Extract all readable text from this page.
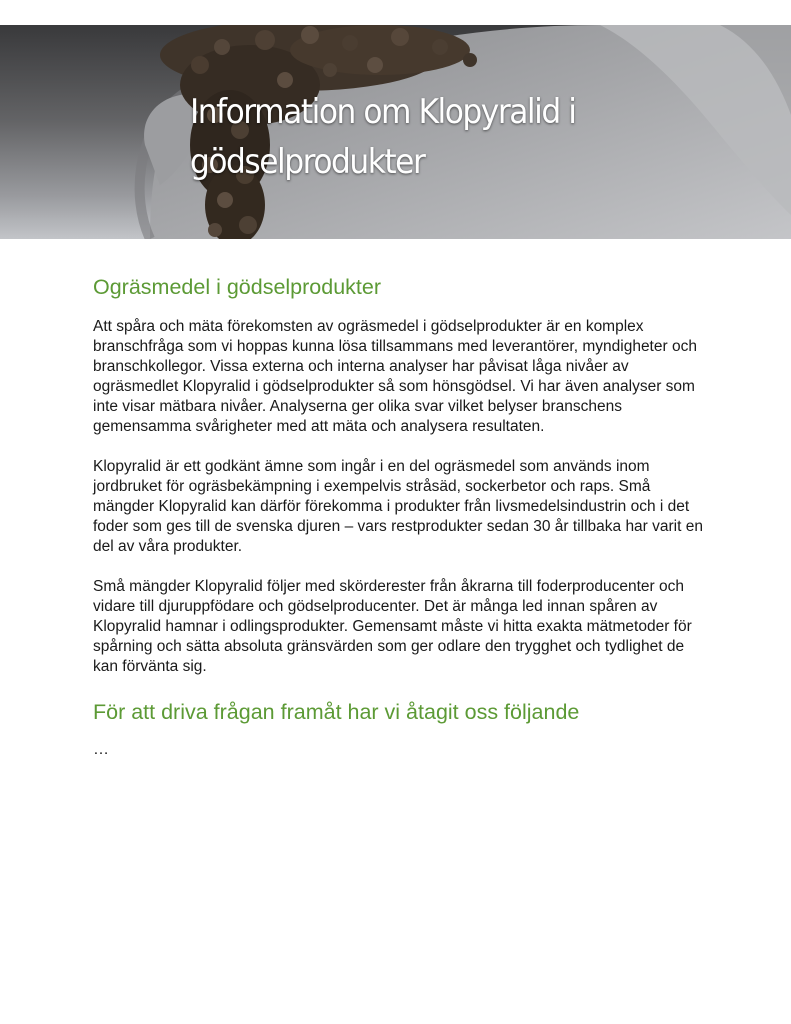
Information om Klopyralid i
gödselprodukter
Ogräsmedel i gödselprodukter

Att spåra och mäta förekomsten av ogräsmedel i gödselprodukter är en komplex branschfråga som vi hoppas kunna lösa tillsammans med leverantörer, myndigheter och branschkollegor. Vissa externa och interna analyser har påvisat låga nivåer av ogräsmedlet Klopyralid i gödselprodukter så som hönsgödsel. Vi har även analyser som inte visar mätbara nivåer. Analyserna ger olika svar vilket belyser branschens gemensamma svårigheter med att mäta och analysera resultaten.

Klopyralid är ett godkänt ämne som ingår i en del ogräsmedel som används inom jordbruket för ogräsbekämpning i exempelvis stråsäd, sockerbetor och raps. Små mängder Klopyralid kan därför förekomma i produkter från livsmedelsindustrin och i det foder som ges till de svenska djuren – vars restprodukter sedan 30 år tillbaka har varit en del av våra produkter.

Små mängder Klopyralid följer med skörderester från åkrarna till foderproducenter och vidare till djuruppfödare och gödselproducenter. Det är många led innan spåren av Klopyralid hamnar i odlingsprodukter. Gemensamt måste vi hitta exakta mätmetoder för spårning och sätta absoluta gränsvärden som ger odlare den trygghet och tydlighet de kan förvänta sig.

För att driva frågan framåt har vi åtagit oss följande
…
